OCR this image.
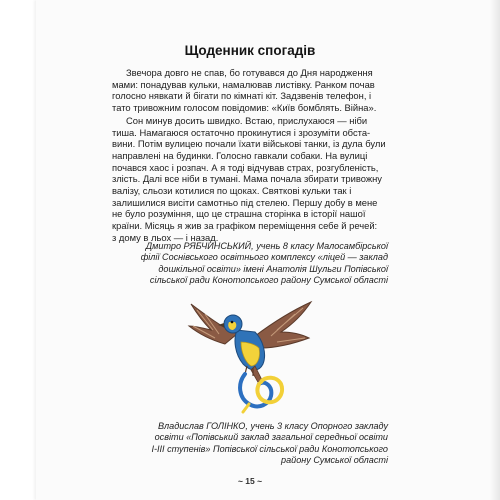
Щоденник спогадів

Звечора довго не спав, бо готувався до Дня народження
мами: понадував кульки, намалював листівку. Ранком почав
голосно нявкати й бігати по кімнаті кіт. Задзвенів телефон, і
тато тривожним голосом повідомив: «Київ бомблять. Війна».

Сон минув досить швидко. Встаю, прислухаюся — ніби
тиша. Намагаюся остаточно прокинутися і зрозуміти обста-
вини. Потім вулицею почали їхати військові танки, із дула були
направлені на будинки. Голосно гавкали собаки. На вулиці
почався хаос і розпач. А я тоді відчував страх, розгубленість,
злість. Далі все ніби в тумані. Мама почала збирати тривожну
валізу, сльози котилися по щоках. Святкові кульки так і
залишилися висіти самотньо під стелею. Першу добу в мене
не було розуміння, що це страшна сторінка в історії нашої
країни. Місяць я жив за графіком переміщення себе й речей:
з дому в льох — і назад.

Дмитро РЯБЧИНСЬКИЙ, учень 8 класу Малосамбірської
філії Соснівського освітнього комплексу «ліцей — заклад
дошкільної освіти» імені Анатолія Шульги Попівської
сільської ради Конотопського району Сумської області
Владислав ГОЛІНКО, учень 3 класу Опорного закладу
освіти «Попівський заклад загальної середньої освіти
І-ІІІ ступенів» Попівської сільської ради Конотопського
району Сумської області
~ 15 ~
